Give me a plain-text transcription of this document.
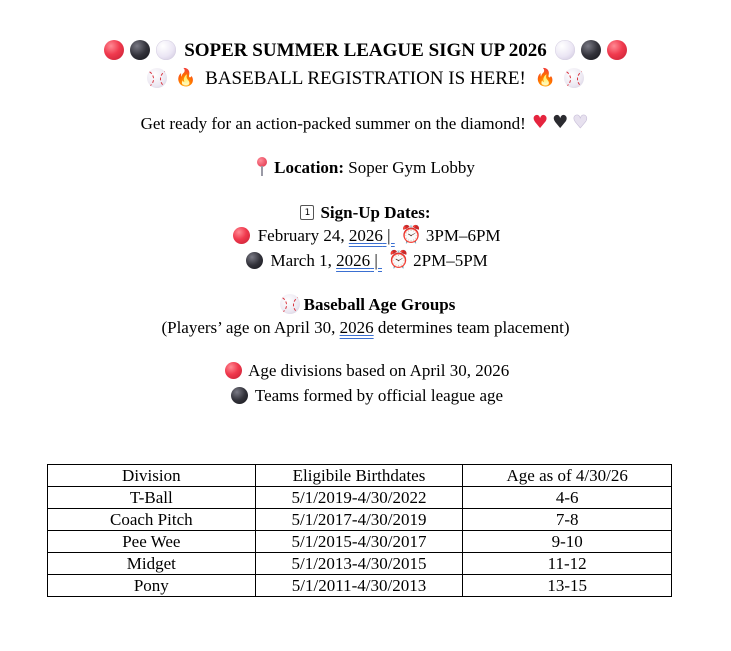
SOPER SUMMER LEAGUE SIGN UP 2026
🔥 BASEBALL REGISTRATION IS HERE! 🔥
Get ready for an action-packed summer on the diamond! ♥ ♥ ♥
Location: Soper Gym Lobby
1 Sign-Up Dates:
February 24, 2026 | ⏰ 3PM–6PM
March 1, 2026 | ⏰ 2PM–5PM
Baseball Age Groups
(Players’ age on April 30, 2026 determines team placement)
Age divisions based on April 30, 2026
Teams formed by official league age
Division	Eligibile Birthdates	Age as of 4/30/26
T-Ball	5/1/2019-4/30/2022	4-6
Coach Pitch	5/1/2017-4/30/2019	7-8
Pee Wee	5/1/2015-4/30/2017	9-10
Midget	5/1/2013-4/30/2015	11-12
Pony	5/1/2011-4/30/2013	13-15
